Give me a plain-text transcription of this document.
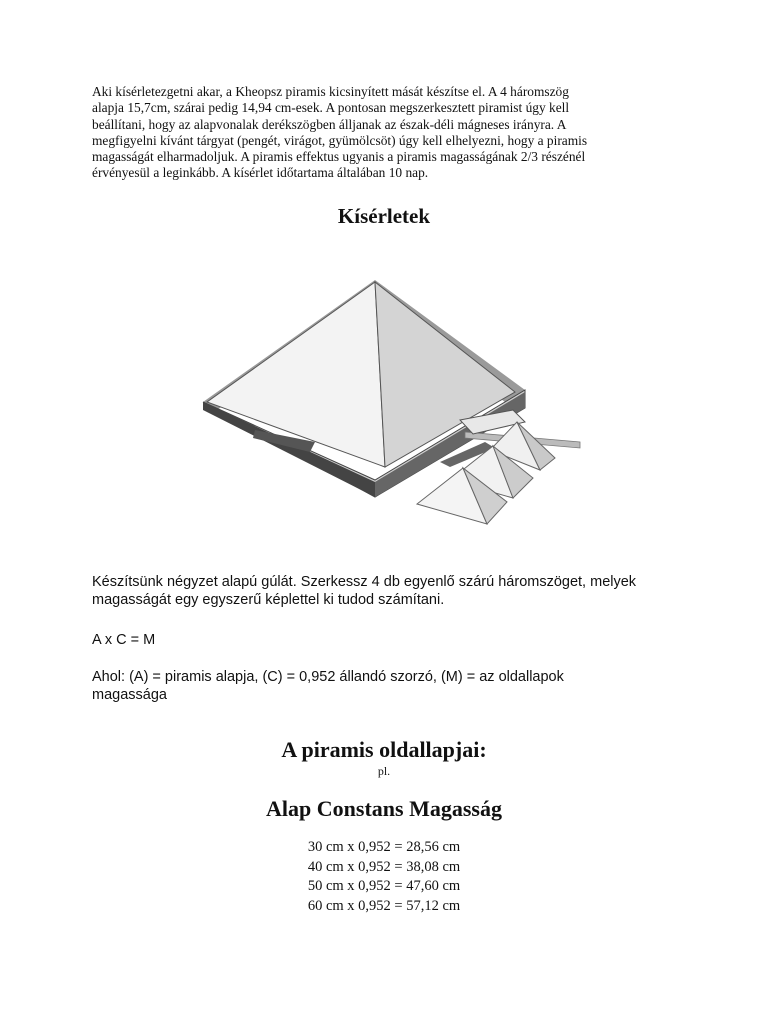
Aki kísérletezgetni akar, a Kheopsz piramis kicsinyített mását készítse el. A 4 háromszög
alapja 15,7cm, szárai pedig 14,94 cm-esek. A pontosan megszerkesztett piramist úgy kell
beállítani, hogy az alapvonalak derékszögben álljanak az észak-déli mágneses irányra. A
megfigyelni kívánt tárgyat (pengét, virágot, gyümölcsöt) úgy kell elhelyezni, hogy a piramis
magasságát elharmadoljuk. A piramis effektus ugyanis a piramis magasságának 2/3 részénél
érvényesül a leginkább. A kísérlet időtartama általában 10 nap.

Kísérletek

Készítsünk négyzet alapú gúlát. Szerkessz 4 db egyenlő szárú háromszöget, melyek
magasságát egy egyszerű képlettel ki tudod számítani.

A x C = M

Ahol: (A) = piramis alapja, (C) = 0,952 állandó szorzó, (M) = az oldallapok
magassága

A piramis oldallapjai:

pl.

Alap Constans Magasság
30 cm x 0,952 = 28,56 cm
40 cm x 0,952 = 38,08 cm
50 cm x 0,952 = 47,60 cm
60 cm x 0,952 = 57,12 cm
